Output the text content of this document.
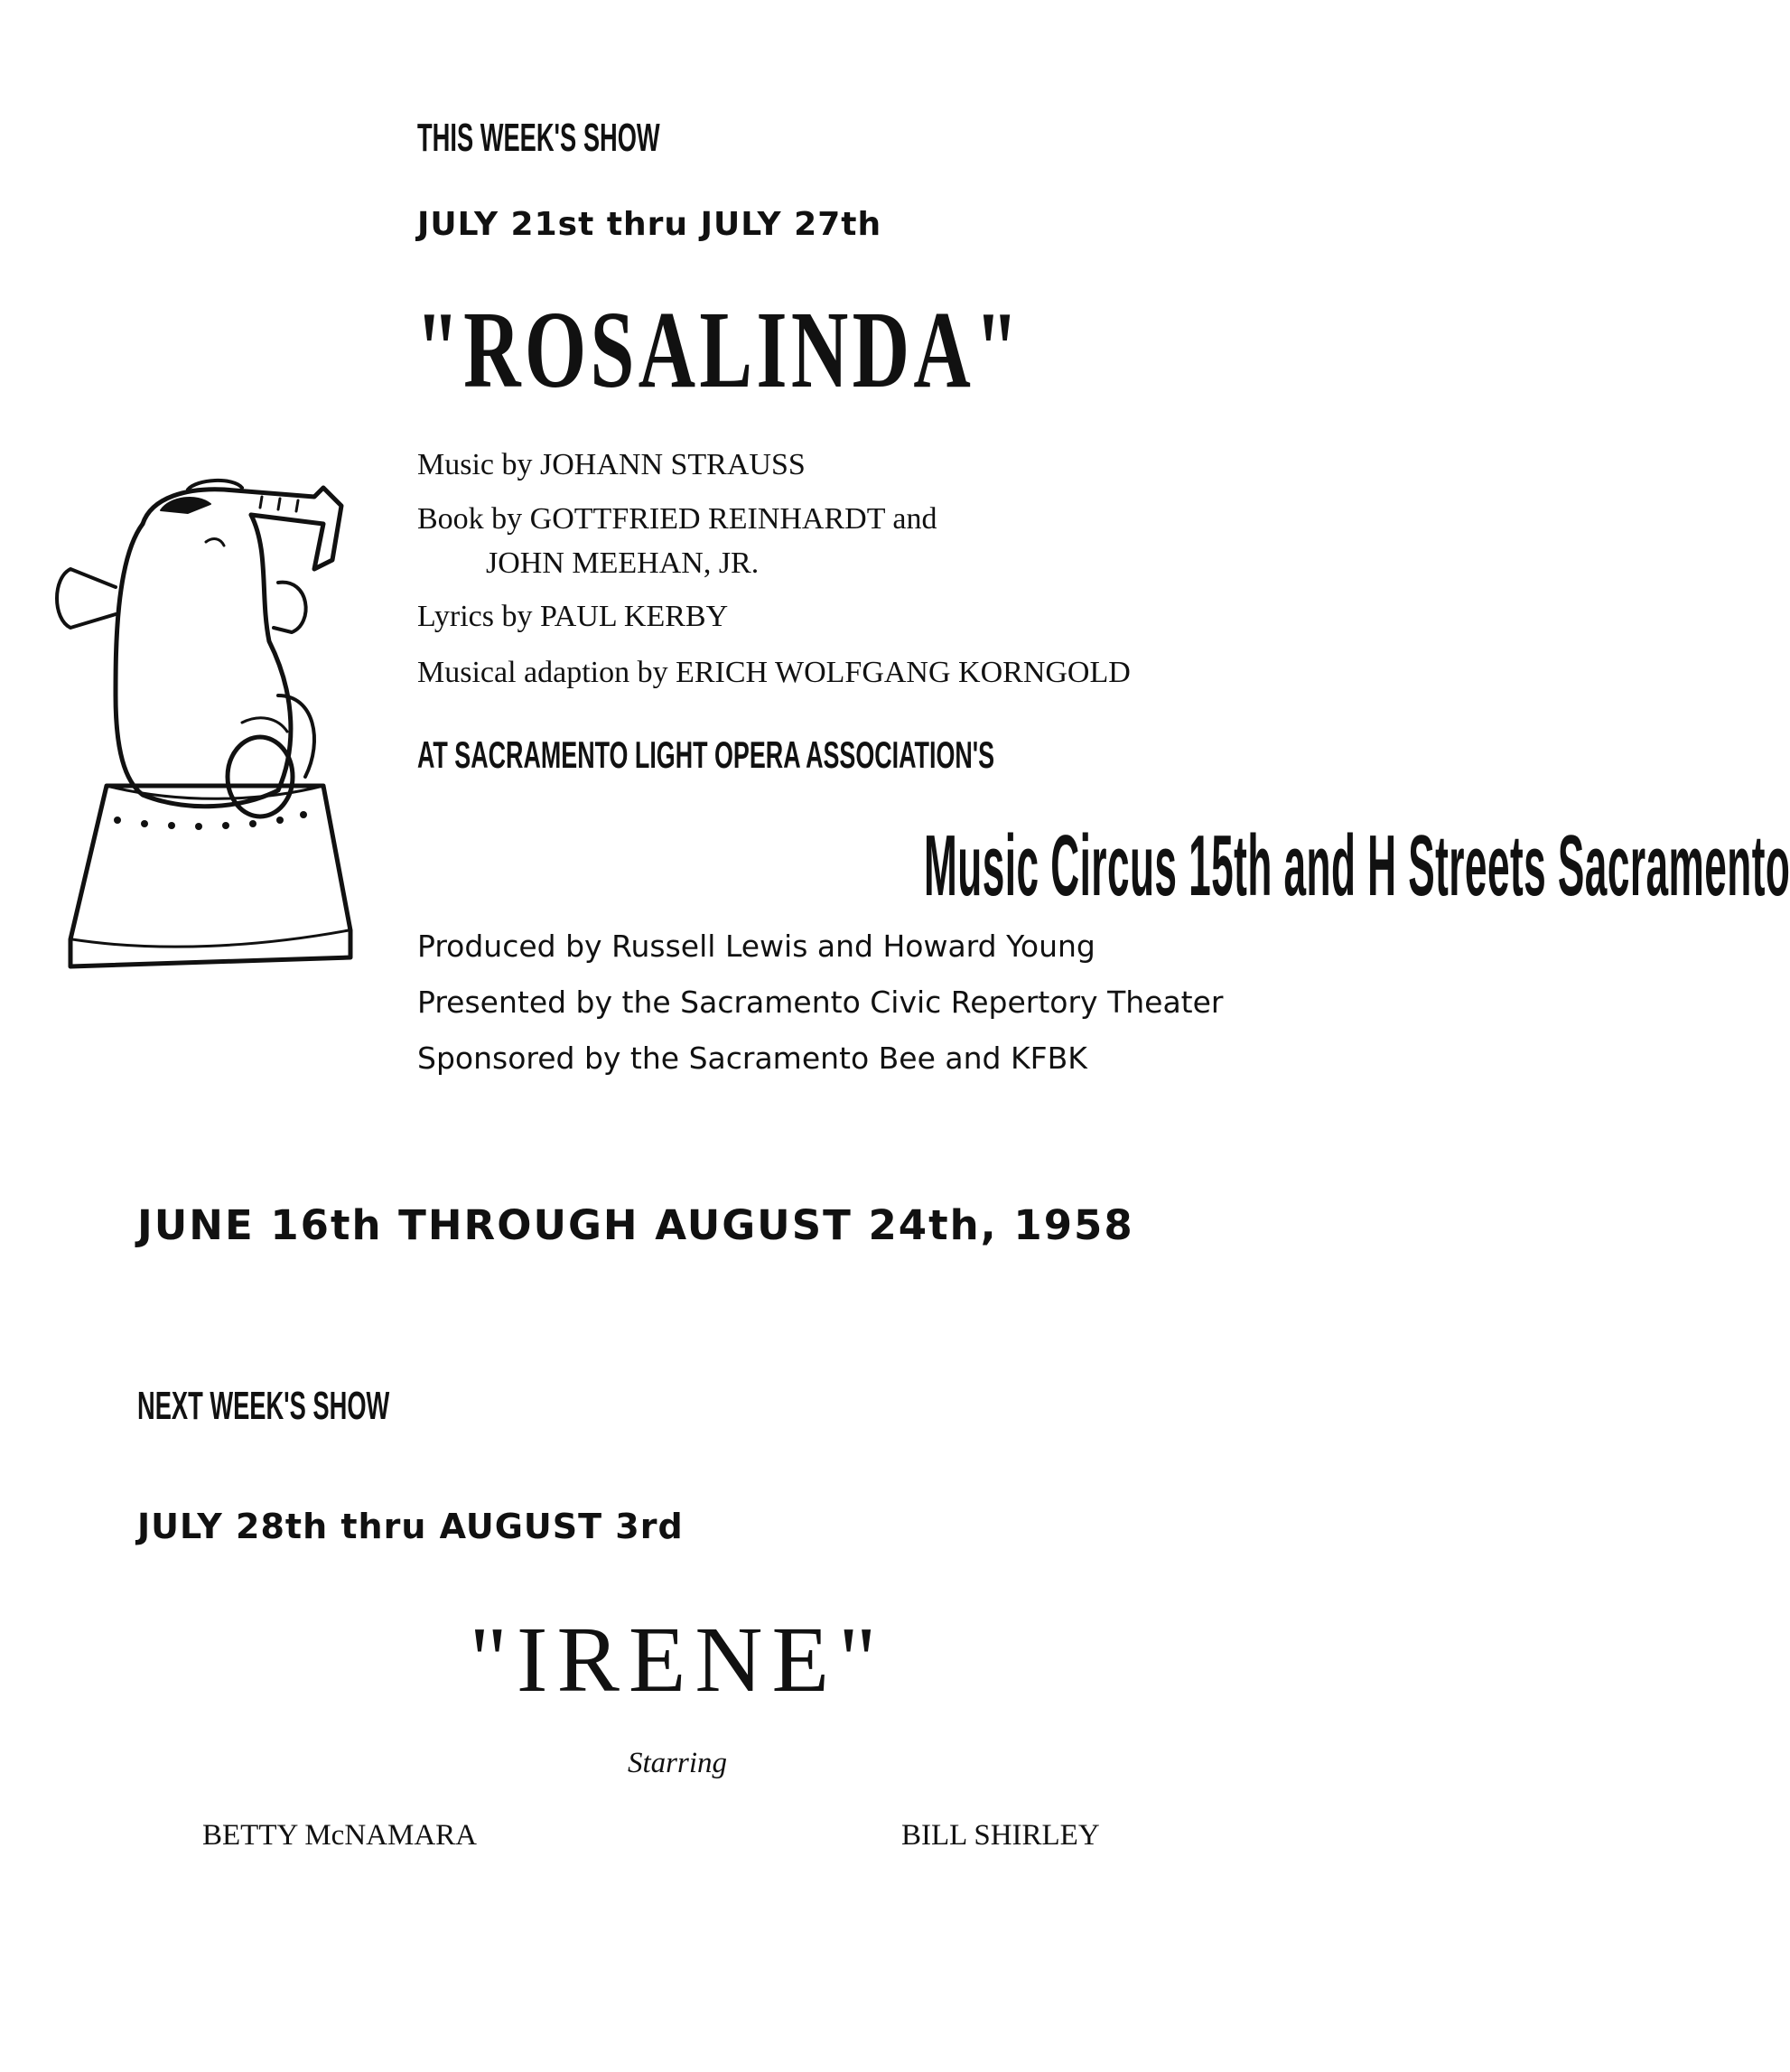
THIS WEEK'S SHOW
JULY 21st thru JULY 27th
"ROSALINDA"
Music by JOHANN STRAUSS
Book by GOTTFRIED REINHARDT and
JOHN MEEHAN, JR.
Lyrics by PAUL KERBY
Musical adaption by ERICH WOLFGANG KORNGOLD
AT SACRAMENTO LIGHT OPERA ASSOCIATION'S
Music Circus 15th and H Streets Sacramento
Produced by Russell Lewis and Howard Young
Presented by the Sacramento Civic Repertory Theater
Sponsored by the Sacramento Bee and KFBK
JUNE 16th THROUGH AUGUST 24th, 1958
NEXT WEEK'S SHOW
JULY 28th thru AUGUST 3rd
"IRENE"
Starring
BETTY McNAMARA	BILL SHIRLEY
